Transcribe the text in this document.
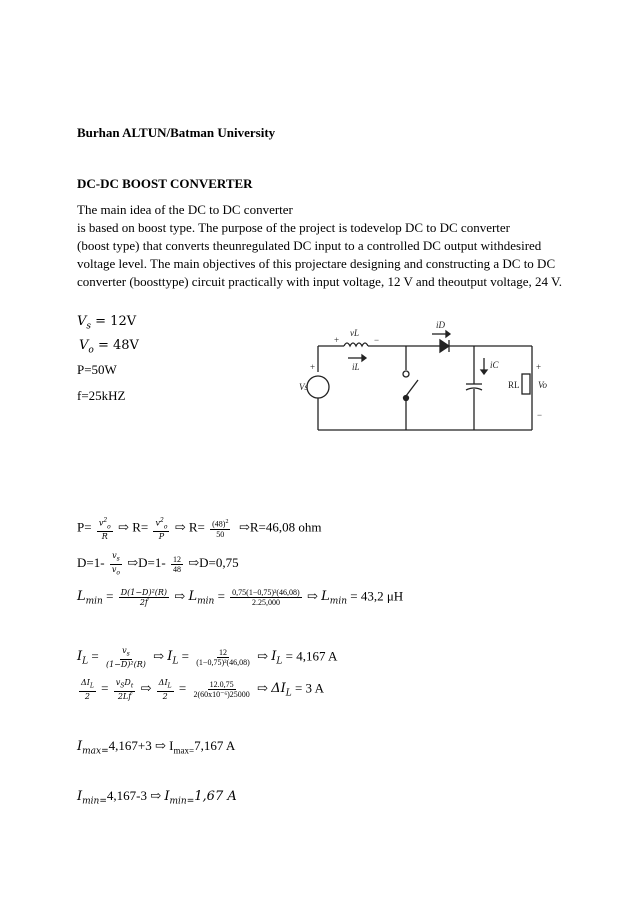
Burhan ALTUN/Batman University
DC-DC BOOST CONVERTER
The main idea of the DC to DC converter
is based on boost type. The purpose of the project is todevelop DC to DC converter
(boost type) that converts theunregulated DC input to a controlled DC output withdesired
voltage level. The main objectives of this projectare designing and constructing a DC to DC
converter (boosttype) circuit practically with input voltage, 12 V and theoutput voltage, 24 V.
$V_s = 12V$
$V_o = 48V$
P=50W
f=25kHZ
vL
+	−
iL
iD
iC
Vs
+
RL Vo
+
−
$P= \frac{v^2_o}{R}$ ⇨ $R= \frac{v^2_o}{P}$ ⇨ $R= \frac{(48)^2}{50}$ ⇨R=46,08 ohm
$D=1- \frac{v_s}{v_o}$ ⇨D=1- $\frac{12}{48}$ ⇨D=0,75
$L_{min} = \frac{\text{D(1−D)²(R)}}{2f}$ ⇨ $L_{min} = \frac{\text{0,75(1−0,75)²(46,08)}}{2.25,000}$ ⇨ $L_{min} = 43,2$ μH
$I_L = \frac{v_s}{\text{(1−D)²(R)}}$ ⇨ $I_L = \frac{12}{\text{(1−0,75)²(46,08)}}$ ⇨ $I_L = 4,167$ A
$\frac{\Delta I_L}{2} = \frac{v_SD_t}{2Lf}$ ⇨ $\frac{\Delta I_L}{2} = \frac{12.0,75}{\text{2(60x10⁻⁶)25000}}$ ⇨ $\Delta I_L = 3$ A
$I_{max=}4,167+3$ ⇨ $I_{max=}7,167$ A
$I_{min=}4,167-3$ ⇨ $I_{min=}1,67$ A
